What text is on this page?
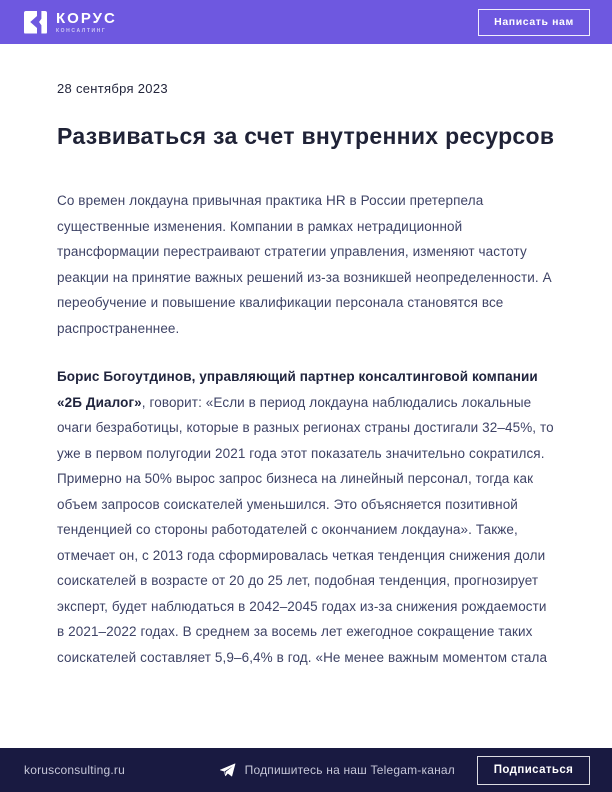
КОРУС
КОНСАЛТИНГ
Написать нам
28 сентября 2023
Развиваться за счет внутренних ресурсов

Со времен локдауна привычная практика HR в России претерпела существенные изменения. Компании в рамках нетрадиционной трансформации перестраивают стратегии управления, изменяют частоту реакции на принятие важных решений из-за возникшей неопределенности. А переобучение и повышение квалификации персонала становятся все распространеннее.

Борис Богоутдинов, управляющий партнер консалтинговой компании «2Б Диалог», говорит: «Если в период локдауна наблюдались локальные очаги безработицы, которые в разных регионах страны достигали 32–45%, то уже в первом полугодии 2021 года этот показатель значительно сократился. Примерно на 50% вырос запрос бизнеса на линейный персонал, тогда как объем запросов соискателей уменьшился. Это объясняется позитивной тенденцией со стороны работодателей с окончанием локдауна». Также, отмечает он, с 2013 года сформировалась четкая тенденция снижения доли соискателей в возрасте от 20 до 25 лет, подобная тенденция, прогнозирует эксперт, будет наблюдаться в 2042–2045 годах из-за снижения рождаемости в 2021–2022 годах. В среднем за восемь лет ежегодное сокращение таких соискателей составляет 5,9–6,4% в год. «Не менее важным моментом стала

korusconsulting.ru	Подпишитесь на наш Telegam-канал	Подписаться
